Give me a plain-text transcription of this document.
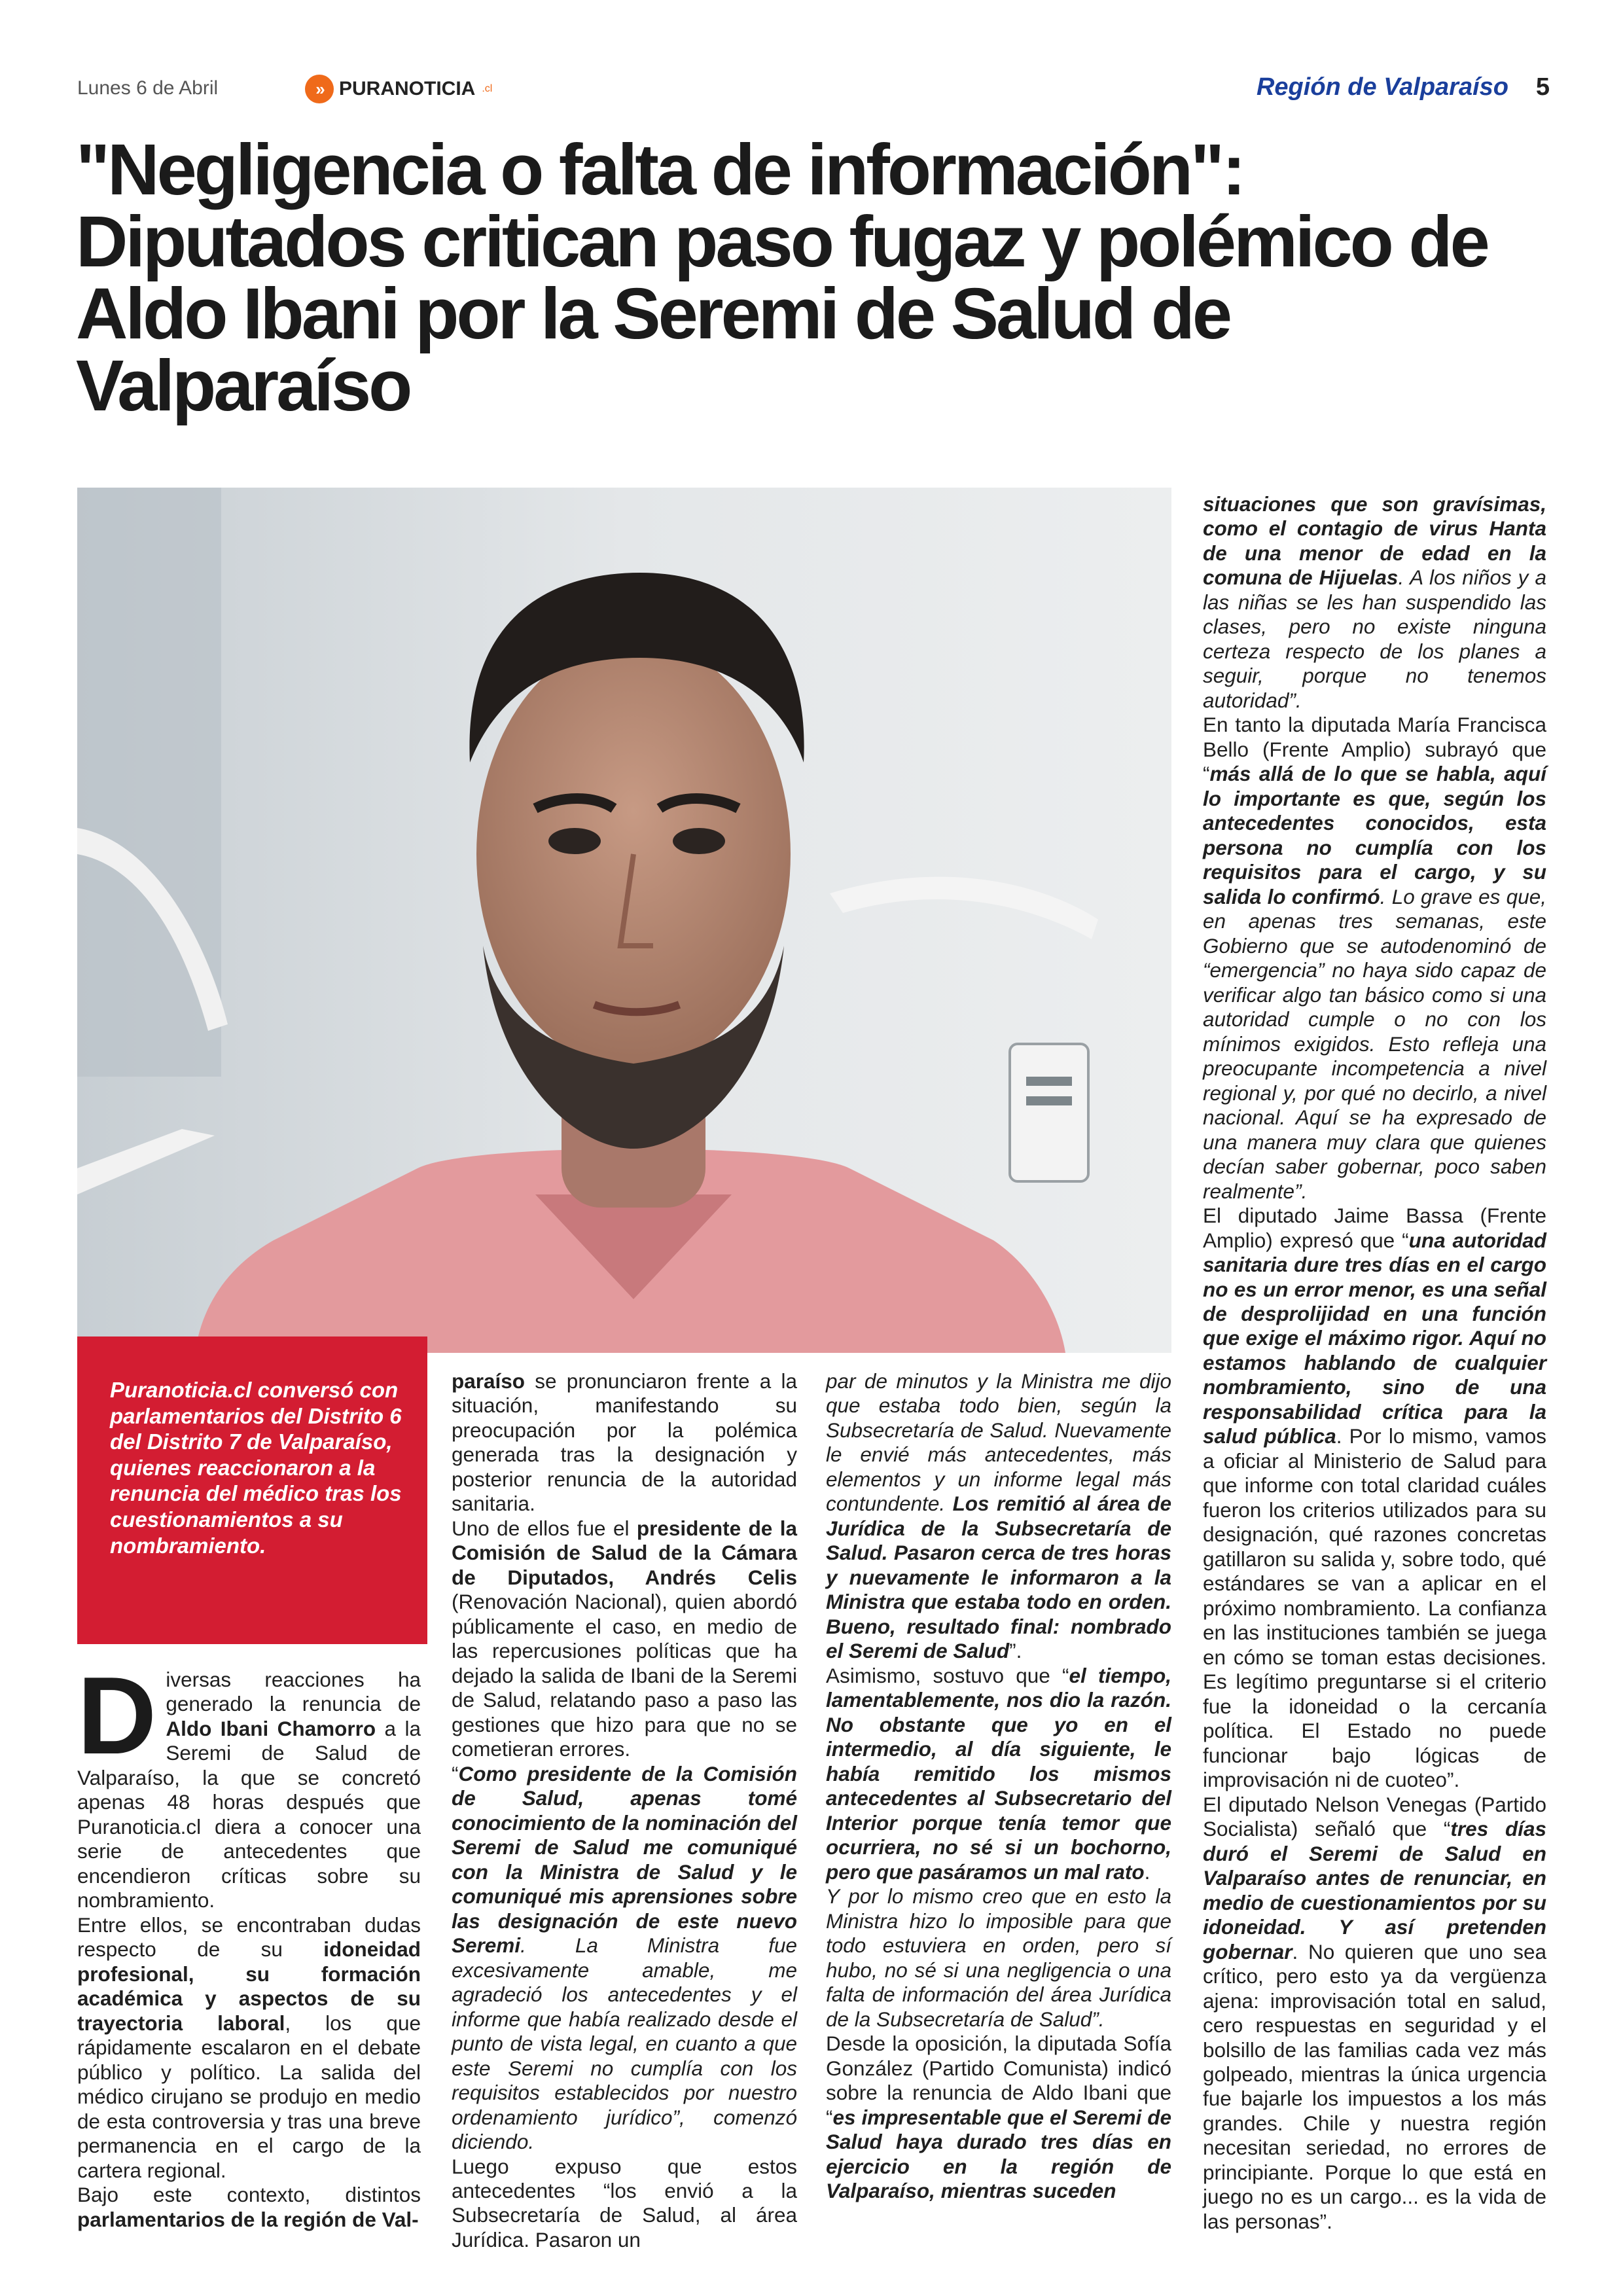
Lunes 6 de Abril	» PURANOTICIA .cl	Región de Valparaíso 5
"Negligencia o falta de información": Diputados critican paso fugaz y polémico de Aldo Ibani por la Seremi de Salud de Valparaíso

situaciones que son gravísimas, como el contagio de virus Hanta de una menor de edad en la comuna de Hijuelas. A los niños y a las niñas se les han suspendido las clases, pero no existe ninguna certeza respecto de los planes a seguir, porque no tenemos autoridad”.

En tanto la diputada María Francisca Bello (Frente Amplio) subrayó que “más allá de lo que se habla, aquí lo importante es que, según los antecedentes conocidos, esta persona no cumplía con los requisitos para el cargo, y su salida lo confirmó. Lo grave es que, en apenas tres semanas, este Gobierno que se autodenominó de “emergencia” no haya sido capaz de verificar algo tan básico como si una autoridad cumple o no con los mínimos exigidos. Esto refleja una preocupante incompetencia a nivel regional y, por qué no decirlo, a nivel nacional. Aquí se ha expresado de una manera muy clara que quienes decían saber gobernar, poco saben realmente”.

El diputado Jaime Bassa (Frente Amplio) expresó que “una autoridad sanitaria dure tres días en el cargo no es un error menor, es una señal de desprolijidad en una función que exige el máximo rigor. Aquí no estamos hablando de cualquier nombramiento, sino de una responsabilidad crítica para la salud pública. Por lo mismo, vamos a oficiar al Ministerio de Salud para que informe con total claridad cuáles fueron los criterios utilizados para su designación, qué razones concretas gatillaron su salida y, sobre todo, qué estándares se van a aplicar en el próximo nombramiento. La confianza en las instituciones también se juega en cómo se toman estas decisiones. Es legítimo preguntarse si el criterio fue la idoneidad o la cercanía política. El Estado no puede funcionar bajo lógicas de improvisación ni de cuoteo”.

El diputado Nelson Venegas (Partido Socialista) señaló que “tres días duró el Seremi de Salud en Valparaíso antes de renunciar, en medio de cuestionamientos por su idoneidad. Y así pretenden gobernar. No quieren que uno sea crítico, pero esto ya da vergüenza ajena: improvisación total en salud, cero respuestas en seguridad y el bolsillo de las familias cada vez más golpeado, mientras la única urgencia fue bajarle los impuestos a los más grandes. Chile y nuestra región necesitan seriedad, no errores de principiante. Porque lo que está en juego no es un cargo... es la vida de las personas”.

Puranoticia.cl conversó con parlamentarios del Distrito 6 del Distrito 7 de Valparaíso, quienes reaccionaron a la renuncia del médico tras los cuestionamientos a su nombramiento.

Diversas reacciones ha generado la renuncia de Aldo Ibani Chamorro a la Seremi de Salud de Valparaíso, la que se concretó apenas 48 horas después que Puranoticia.cl diera a conocer una serie de antecedentes que encendieron críticas sobre su nombramiento.

Entre ellos, se encontraban dudas respecto de su idoneidad profesional, su formación académica y aspectos de su trayectoria laboral, los que rápidamente escalaron en el debate público y político. La salida del médico cirujano se produjo en medio de esta controversia y tras una breve permanencia en el cargo de la cartera regional.

Bajo este contexto, distintos parlamentarios de la región de Val-

paraíso se pronunciaron frente a la situación, manifestando su preocupación por la polémica generada tras la designación y posterior renuncia de la autoridad sanitaria.

Uno de ellos fue el presidente de la Comisión de Salud de la Cámara de Diputados, Andrés Celis (Renovación Nacional), quien abordó públicamente el caso, en medio de las repercusiones políticas que ha dejado la salida de Ibani de la Seremi de Salud, relatando paso a paso las gestiones que hizo para que no se cometieran errores.

“Como presidente de la Comisión de Salud, apenas tomé conocimiento de la nominación del Seremi de Salud me comuniqué con la Ministra de Salud y le comuniqué mis aprensiones sobre las designación de este nuevo Seremi. La Ministra fue excesivamente amable, me agradeció los antecedentes y el informe que había realizado desde el punto de vista legal, en cuanto a que este Seremi no cumplía con los requisitos establecidos por nuestro ordenamiento jurídico”, comenzó diciendo.

Luego expuso que estos antecedentes “los envió a la Subsecretaría de Salud, al área Jurídica. Pasaron un

par de minutos y la Ministra me dijo que estaba todo bien, según la Subsecretaría de Salud. Nuevamente le envié más antecedentes, más elementos y un informe legal más contundente. Los remitió al área de Jurídica de la Subsecretaría de Salud. Pasaron cerca de tres horas y nuevamente le informaron a la Ministra que estaba todo en orden. Bueno, resultado final: nombrado el Seremi de Salud”.

Asimismo, sostuvo que “el tiempo, lamentablemente, nos dio la razón. No obstante que yo en el intermedio, al día siguiente, le había remitido los mismos antecedentes al Subsecretario del Interior porque tenía temor que ocurriera, no sé si un bochorno, pero que pasáramos un mal rato.

Y por lo mismo creo que en esto la Ministra hizo lo imposible para que todo estuviera en orden, pero sí hubo, no sé si una negligencia o una falta de información del área Jurídica de la Subsecretaría de Salud”.

Desde la oposición, la diputada Sofía González (Partido Comunista) indicó sobre la renuncia de Aldo Ibani que “es impresentable que el Seremi de Salud haya durado tres días en ejercicio en la región de Valparaíso, mientras suceden
